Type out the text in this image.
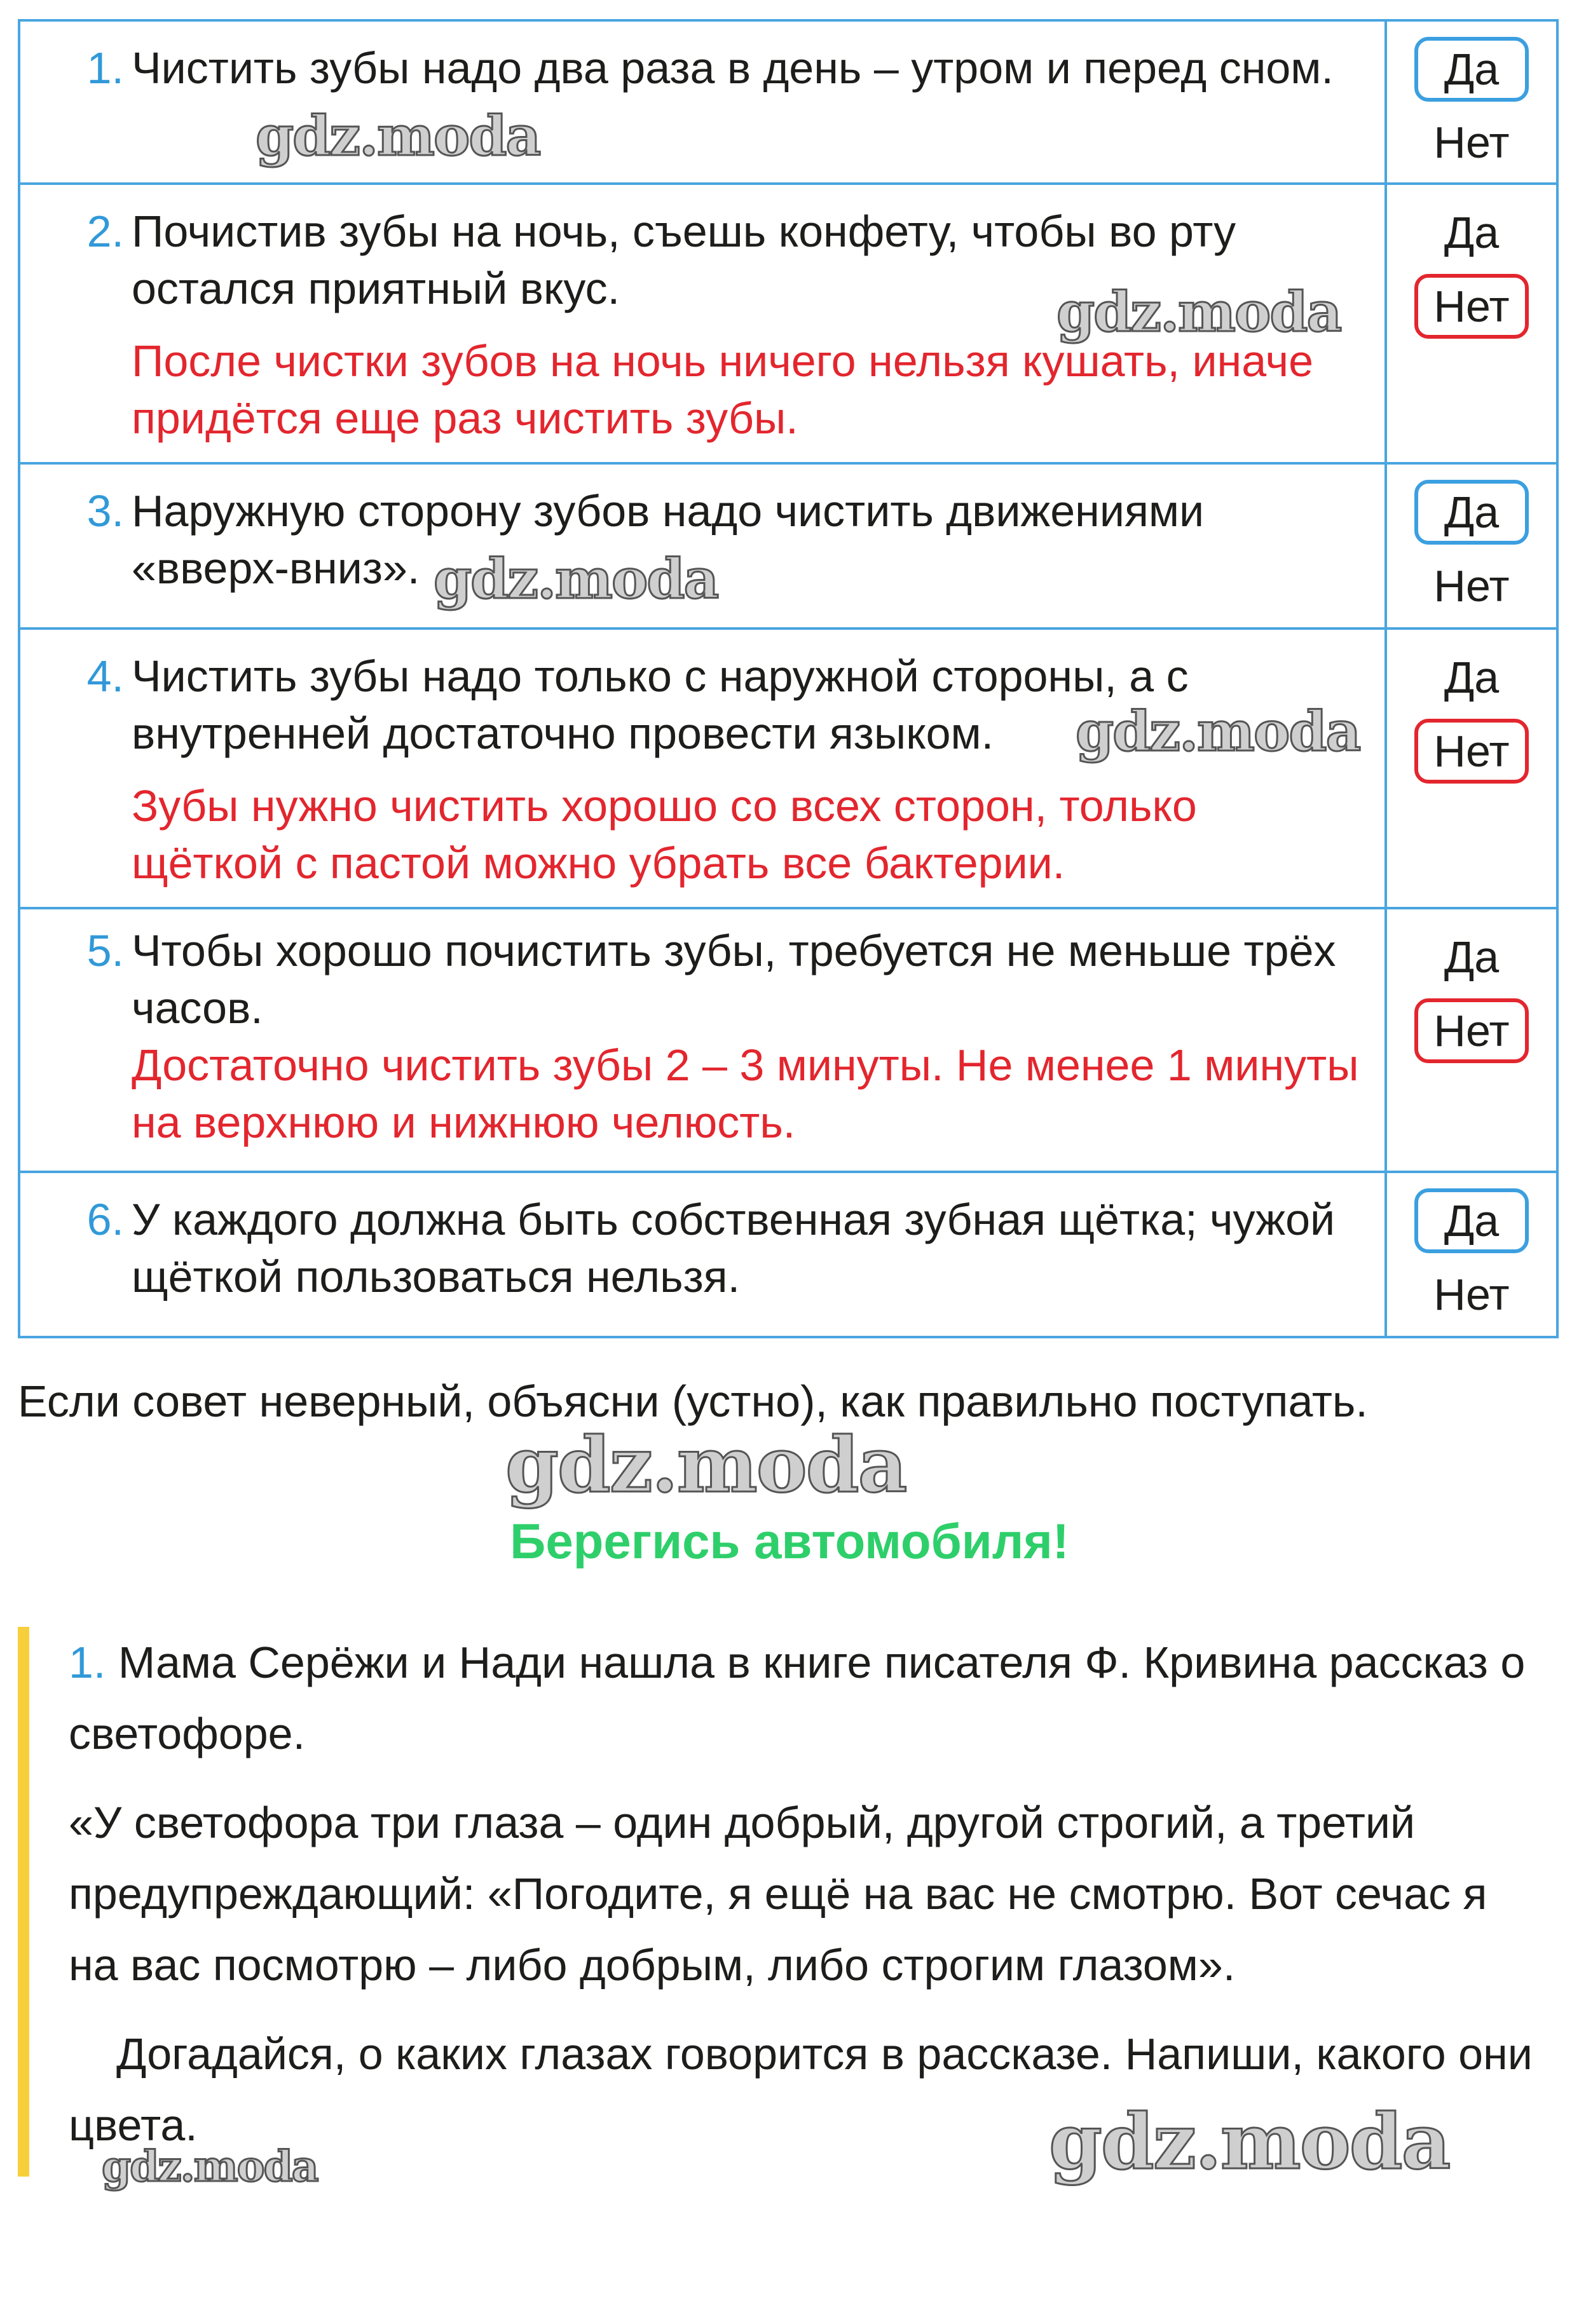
1. Чистить зубы надо два раза в день – утром и перед сном.
gdz.moda
Да
Нет
2. Почистив зубы на ночь, съешь конфету, чтобы во рту остался приятный вкус.
После чистки зубов на ночь ничего нельзя кушать, иначе придётся еще раз чистить зубы.
gdz.moda
Да
Нет
3. Наружную сторону зубов надо чистить движениями «вверх-вниз». gdz.moda
Да
Нет
4. Чистить зубы надо только с наружной стороны, а с внутренней достаточно провести языком.
Зубы нужно чистить хорошо со всех сторон, только щёткой с пастой можно убрать все бактерии.
gdz.moda
Да
Нет
5. Чтобы хорошо почистить зубы, требуется не меньше трёх часов.
Достаточно чистить зубы 2 – 3 минуты. Не менее 1 минуты на верхнюю и нижнюю челюсть.
Да
Нет
6. У каждого должна быть собственная зубная щётка; чужой щёткой пользоваться нельзя.
Да
Нет
Если совет неверный, объясни (устно), как правильно поступать.
gdz.moda
Берегись автомобиля!

1. Мама Серёжи и Нади нашла в книге писателя Ф. Кривина рассказ о светофоре.

«У светофора три глаза – один добрый, другой строгий, а третий предупреждающий: «Погодите, я ещё на вас не смотрю. Вот сечас я на вас посмотрю – либо добрым, либо строгим глазом».

Догадайся, о каких глазах говорится в рассказе. Напиши, какого они цвета.	gdz.moda
gdz.moda
